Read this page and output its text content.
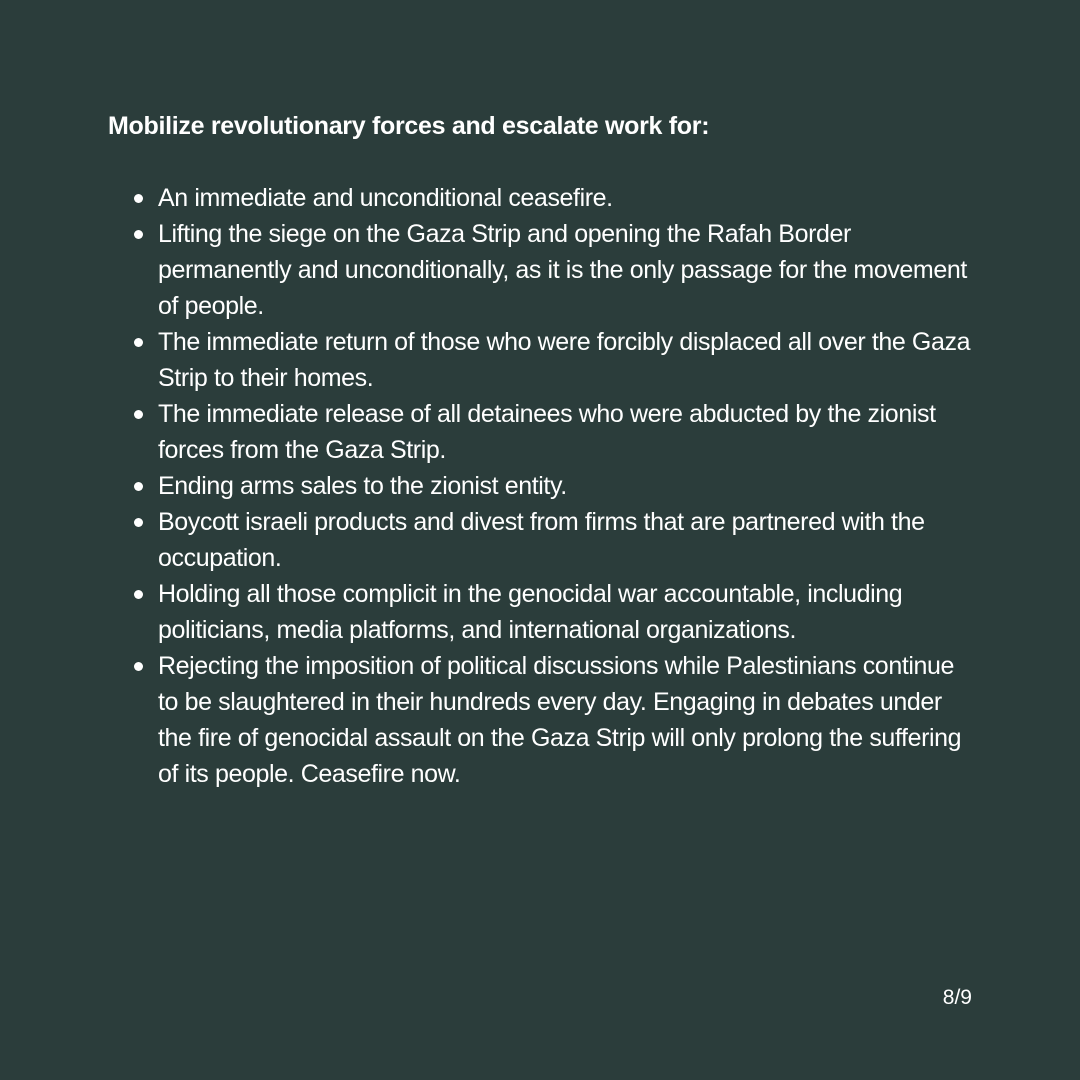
Mobilize revolutionary forces and escalate work for:
An immediate and unconditional ceasefire.
Lifting the siege on the Gaza Strip and opening the Rafah Border permanently and unconditionally, as it is the only passage for the movement of people.
The immediate return of those who were forcibly displaced all over the Gaza Strip to their homes.
The immediate release of all detainees who were abducted by the zionist forces from the Gaza Strip.
Ending arms sales to the zionist entity.
Boycott israeli products and divest from firms that are partnered with the occupation.
Holding all those complicit in the genocidal war accountable, including politicians, media platforms, and international organizations.
Rejecting the imposition of political discussions while Palestinians continue to be slaughtered in their hundreds every day. Engaging in debates under the fire of genocidal assault on the Gaza Strip will only prolong the suffering of its people. Ceasefire now.
8/9
